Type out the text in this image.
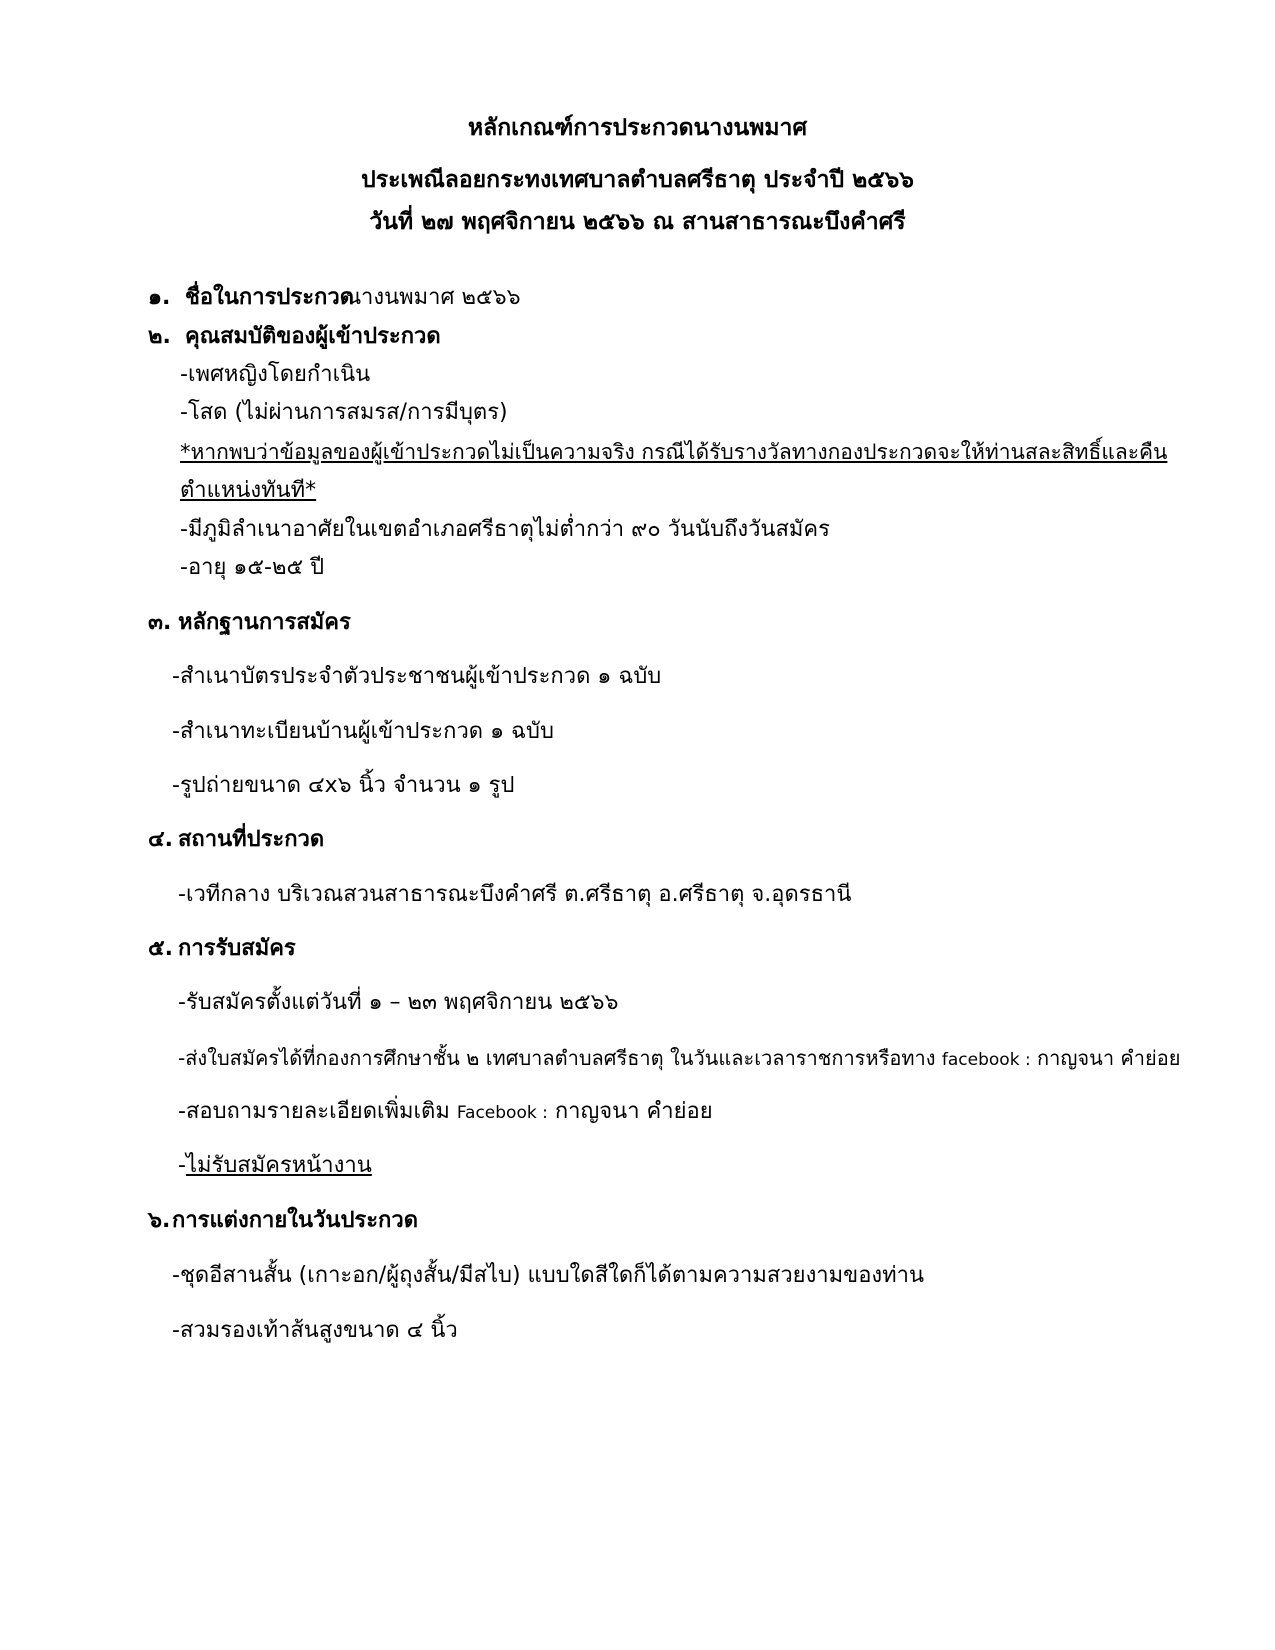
หลักเกณฑ์การประกวดนางนพมาศ
ประเพณีลอยกระทงเทศบาลตำบลศรีธาตุ ประจำปี ๒๕๖๖
วันที่ ๒๗ พฤศจิกายน ๒๕๖๖ ณ สานสาธารณะบึงคำศรี
๑. ชื่อในการประกวด
นางนพมาศ ๒๕๖๖
๒. คุณสมบัติของผู้เข้าประกวด
-เพศหญิงโดยกำเนิน
-โสด (ไม่ผ่านการสมรส/การมีบุตร)
*หากพบว่าข้อมูลของผู้เข้าประกวดไม่เป็นความจริง กรณีได้รับรางวัลทางกองประกวดจะให้ท่านสละสิทธิ์และคืน
ตำแหน่งทันที*
-มีภูมิลำเนาอาศัยในเขตอำเภอศรีธาตุไม่ต่ำกว่า ๙๐ วันนับถึงวันสมัคร
-อายุ ๑๕-๒๕ ปี
๓. หลักฐานการสมัคร
-สำเนาบัตรประจำตัวประชาชนผู้เข้าประกวด ๑ ฉบับ
-สำเนาทะเบียนบ้านผู้เข้าประกวด ๑ ฉบับ
-รูปถ่ายขนาด ๔x๖ นิ้ว จำนวน ๑ รูป
๔. สถานที่ประกวด
-เวทีกลาง บริเวณสวนสาธารณะบึงคำศรี ต.ศรีธาตุ อ.ศรีธาตุ จ.อุดรธานี
๕. การรับสมัคร
-รับสมัครตั้งแต่วันที่ ๑ – ๒๓ พฤศจิกายน ๒๕๖๖
-ส่งใบสมัครได้ที่กองการศึกษาชั้น ๒ เทศบาลตำบลศรีธาตุ ในวันและเวลาราชการหรือทาง facebook : กาญจนา คำย่อย
-สอบถามรายละเอียดเพิ่มเติม Facebook : กาญจนา คำย่อย
-ไม่รับสมัครหน้างาน
๖. การแต่งกายในวันประกวด
-ชุดอีสานสั้น (เกาะอก/ผู้ถุงสั้น/มีสไบ) แบบใดสีใดก็ได้ตามความสวยงามของท่าน
-สวมรองเท้าส้นสูงขนาด ๔ นิ้ว
